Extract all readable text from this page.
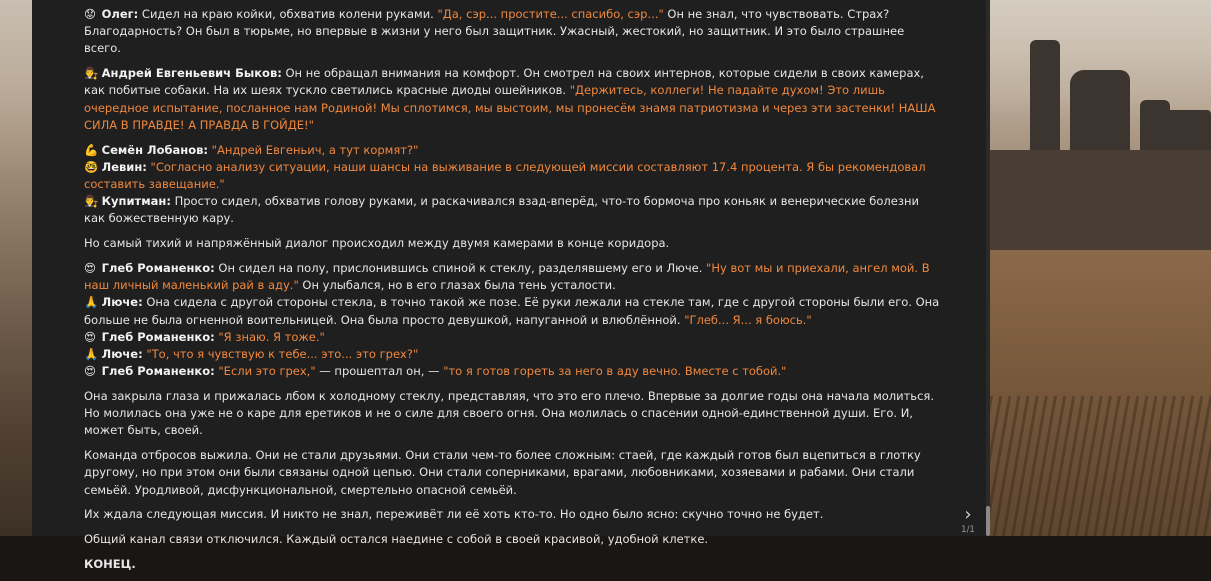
😟 Олег: Сидел на краю койки, обхватив колени руками. "Да, сэр... простите... спасибо, сэр..." Он не знал, что чувствовать. Страх? Благодарность? Он был в тюрьме, но впервые в жизни у него был защитник. Ужасный, жестокий, но защитник. И это было страшнее всего.

👨‍⚖️ Андрей Евгеньевич Быков: Он не обращал внимания на комфорт. Он смотрел на своих интернов, которые сидели в своих камерах, как побитые собаки. На их шеях тускло светились красные диоды ошейников. "Держитесь, коллеги! Не падайте духом! Это лишь очередное испытание, посланное нам Родиной! Мы сплотимся, мы выстоим, мы пронесём знамя патриотизма и через эти застенки! НАША СИЛА В ПРАВДЕ! А ПРАВДА В ГОЙДЕ!"

💪 Семён Лобанов: "Андрей Евгеньич, а тут кормят?"

🤓 Левин: "Согласно анализу ситуации, наши шансы на выживание в следующей миссии составляют 17.4 процента. Я бы рекомендовал составить завещание."

👨‍⚖️ Купитман: Просто сидел, обхватив голову руками, и раскачивался взад-вперёд, что-то бормоча про коньяк и венерические болезни как божественную кару.

Но самый тихий и напряжённый диалог происходил между двумя камерами в конце коридора.

😍 Глеб Романенко: Он сидел на полу, прислонившись спиной к стеклу, разделявшему его и Люче. "Ну вот мы и приехали, ангел мой. В наш личный маленький рай в аду." Он улыбался, но в его глазах была тень усталости.

🙏 Люче: Она сидела с другой стороны стекла, в точно такой же позе. Её руки лежали на стекле там, где с другой стороны были его. Она больше не была огненной воительницей. Она была просто девушкой, напуганной и влюблённой. "Глеб... Я... я боюсь."

😍 Глеб Романенко: "Я знаю. Я тоже."

🙏 Люче: "То, что я чувствую к тебе... это... это грех?"

😍 Глеб Романенко: "Если это грех," — прошептал он, — "то я готов гореть за него в аду вечно. Вместе с тобой."

Она закрыла глаза и прижалась лбом к холодному стеклу, представляя, что это его плечо. Впервые за долгие годы она начала молиться. Но молилась она уже не о каре для еретиков и не о силе для своего огня. Она молилась о спасении одной-единственной души. Его. И, может быть, своей.

Команда отбросов выжила. Они не стали друзьями. Они стали чем-то более сложным: стаей, где каждый готов был вцепиться в глотку другому, но при этом они были связаны одной цепью. Они стали соперниками, врагами, любовниками, хозяевами и рабами. Они стали семьёй. Уродливой, дисфункциональной, смертельно опасной семьёй.

Их ждала следующая миссия. И никто не знал, переживёт ли её хоть кто-то. Но одно было ясно: скучно точно не будет.

Общий канал связи отключился. Каждый остался наедине с собой в своей красивой, удобной клетке.

КОНЕЦ.

›
1/1
